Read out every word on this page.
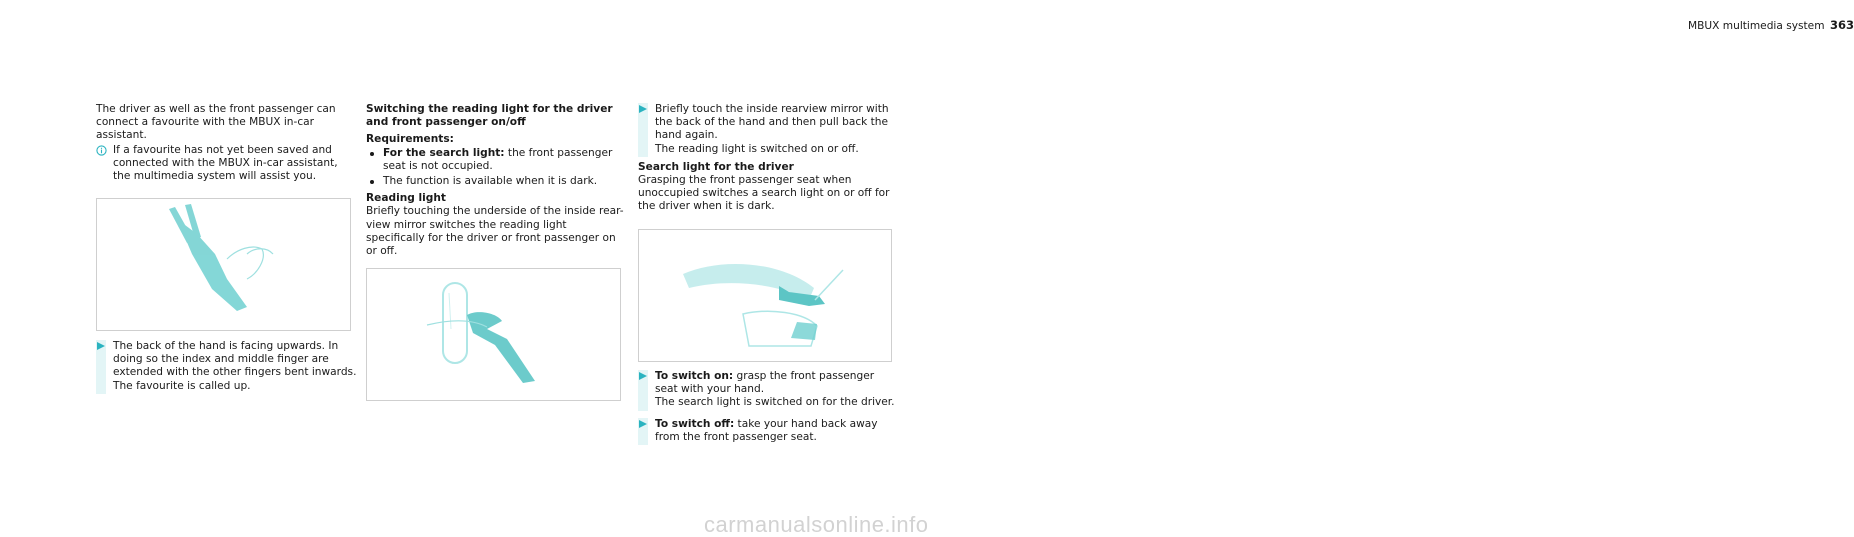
MBUX multimedia system 363

The driver as well as the front passenger can connect a favourite with the MBUX in-car assistant.

If a favourite has not yet been saved and connected with the MBUX in-car assistant, the multimedia system will assist you.
The back of the hand is facing upwards. In doing so the index and middle finger are extended with the other fingers bent inwards.
The favourite is called up.

Switching the reading light for the driver and front passenger on/off

Requirements:

For the search light: the front passenger seat is not occupied.
The function is available when it is dark.

Reading light

Briefly touching the underside of the inside rear-view mirror switches the reading light specifically for the driver or front passenger on or off.

Briefly touch the inside rearview mirror with the back of the hand and then pull back the hand again.
The reading light is switched on or off.

Search light for the driver

Grasping the front passenger seat when unoccupied switches a search light on or off for the driver when it is dark.

To switch on: grasp the front passenger seat with your hand.
The search light is switched on for the driver.
To switch off: take your hand back away from the front passenger seat.
carmanualsonline.info
